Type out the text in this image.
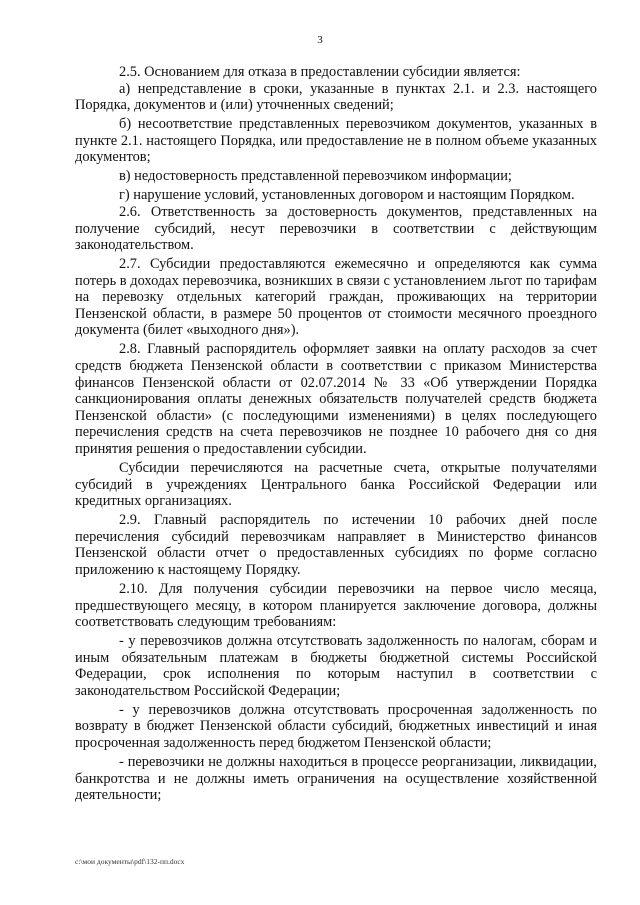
3

2.5. Основанием для отказа в предоставлении субсидии является:

а) непредставление в сроки, указанные в пунктах 2.1. и 2.3. настоящего Порядка, документов и (или) уточненных сведений;

б) несоответствие представленных перевозчиком документов, указанных в пункте 2.1. настоящего Порядка, или предоставление не в полном объеме указанных документов;

в) недостоверность представленной перевозчиком информации;

г) нарушение условий, установленных договором и настоящим Порядком.

2.6. Ответственность за достоверность документов, представленных на получение субсидий, несут перевозчики в соответствии с действующим законодательством.

2.7. Субсидии предоставляются ежемесячно и определяются как сумма потерь в доходах перевозчика, возникших в связи с установлением льгот по тарифам на перевозку отдельных категорий граждан, проживающих на территории Пензенской области, в размере 50 процентов от стоимости месячного проездного документа (билет «выходного дня»).

2.8. Главный распорядитель оформляет заявки на оплату расходов за счет средств бюджета Пензенской области в соответствии с приказом Министерства финансов Пензенской области от 02.07.2014 № 33 «Об утверждении Порядка санкционирования оплаты денежных обязательств получателей средств бюджета Пензенской области» (с последующими изменениями) в целях последующего перечисления средств на счета перевозчиков не позднее 10 рабочего дня со дня принятия решения о предоставлении субсидии.

Субсидии перечисляются на расчетные счета, открытые получателями субсидий в учреждениях Центрального банка Российской Федерации или кредитных организациях.

2.9. Главный распорядитель по истечении 10 рабочих дней после перечисления субсидий перевозчикам направляет в Министерство финансов Пензенской области отчет о предоставленных субсидиях по форме согласно приложению к настоящему Порядку.

2.10. Для получения субсидии перевозчики на первое число месяца, предшествующего месяцу, в котором планируется заключение договора, должны соответствовать следующим требованиям:

- у перевозчиков должна отсутствовать задолженность по налогам, сборам и иным обязательным платежам в бюджеты бюджетной системы Российской Федерации, срок исполнения по которым наступил в соответствии с законодательством Российской Федерации;

- у перевозчиков должна отсутствовать просроченная задолженность по возврату в бюджет Пензенской области субсидий, бюджетных инвестиций и иная просроченная задолженность перед бюджетом Пензенской области;

- перевозчики не должны находиться в процессе реорганизации, ликвидации, банкротства и не должны иметь ограничения на осуществление хозяйственной деятельности;

c:\мои документы\pdf\132-пп.docx
